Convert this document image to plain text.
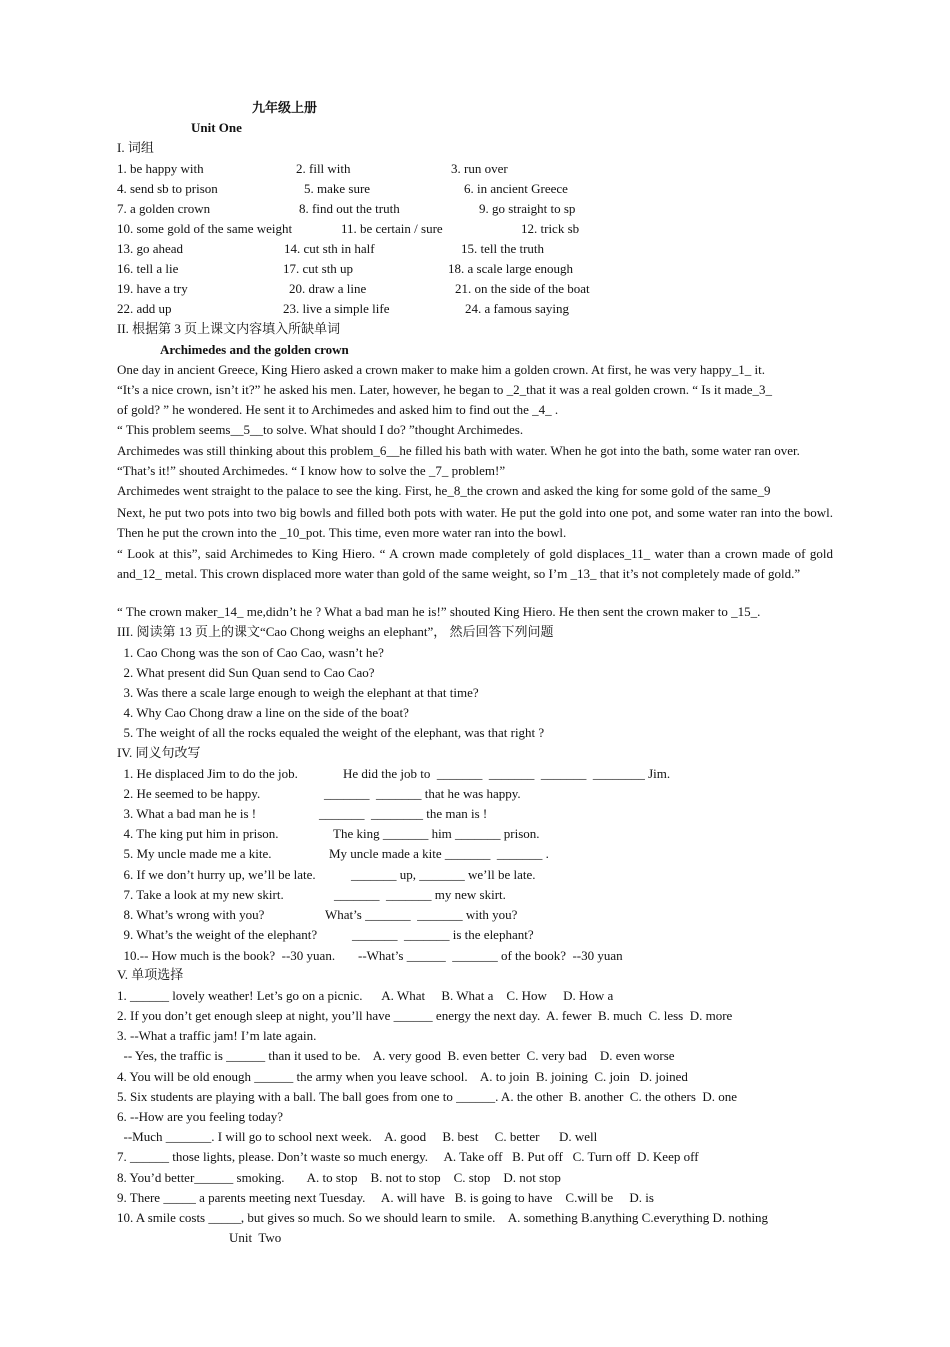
九年级上册
Unit One
I. 词组
1. be happy with	2. fill with	3. run over
4. send sb to prison	5. make sure	6. in ancient Greece
7. a golden crown	8. find out the truth	9. go straight to sp
10. some gold of the same weight	11. be certain / sure	12. trick sb
13. go ahead	14. cut sth in half	15. tell the truth
16. tell a lie	17. cut sth up	18. a scale large enough
19. have a try	20. draw a line	21. on the side of the boat
22. add up	23. live a simple life	24. a famous saying
II. 根据第 3 页上课文内容填入所缺单词
Archimedes and the golden crown
One day in ancient Greece, King Hiero asked a crown maker to make him a golden crown. At first, he was very happy_1_ it.
“It’s a nice crown, isn’t it?” he asked his men. Later, however, he began to _2_that it was a real golden crown. “ Is it made_3_
of gold? ” he wondered. He sent it to Archimedes and asked him to find out the _4_ .
“ This problem seems__5__to solve. What should I do? ”thought Archimedes.
Archimedes was still thinking about this problem_6__he filled his bath with water. When he got into the bath, some water ran over.
“That’s it!” shouted Archimedes. “ I know how to solve the _7_ problem!”
Archimedes went straight to the palace to see the king. First, he_8_the crown and asked the king for some gold of the same_9
Next, he put two pots into two big bowls and filled both pots with water. He put the gold into one pot, and some water ran into the bowl. Then he put the crown into the _10_pot. This time, even more water ran into the bowl.
“ Look at this”, said Archimedes to King Hiero. “ A crown made completely of gold displaces_11_ water than a crown made of gold and_12_ metal. This crown displaced more water than gold of the same weight, so I’m _13_ that it’s not completely made of gold.”
“ The crown maker_14_ me,didn’t he ? What a bad man he is!” shouted King Hiero. He then sent the crown maker to _15_.
III. 阅读第 13 页上的课文“Cao Chong weighs an elephant”， 然后回答下列问题
1. Cao Chong was the son of Cao Cao, wasn’t he?
2. What present did Sun Quan send to Cao Cao?
3. Was there a scale large enough to weigh the elephant at that time?
4. Why Cao Chong draw a line on the side of the boat?
5. The weight of all the rocks equaled the weight of the elephant, was that right ?
IV. 同义句改写
1. He displaced Jim to do the job.	He did the job to  _______  _______  _______  ________ Jim.
2. He seemed to be happy.	_______  _______ that he was happy.
3. What a bad man he is !	_______  ________ the man is !
4. The king put him in prison.	The king _______ him _______ prison.
5. My uncle made me a kite.	My uncle made a kite _______  _______ .
6. If we don’t hurry up, we’ll be late.	_______ up, _______ we’ll be late.
7. Take a look at my new skirt.	_______  _______ my new skirt.
8. What’s wrong with you?	What’s _______  _______ with you?
9. What’s the weight of the elephant?	_______  _______ is the elephant?
10.-- How much is the book?  --30 yuan. --What’s ______  _______ of the book?  --30 yuan
V. 单项选择
1. ______ lovely weather! Let’s go on a picnic.      A. What     B. What a    C. How     D. How a
2. If you don’t get enough sleep at night, you’ll have ______ energy the next day.  A. fewer  B. much  C. less  D. more
3. --What a traffic jam! I’m late again.
-- Yes, the traffic is ______ than it used to be.    A. very good  B. even better  C. very bad    D. even worse
4. You will be old enough ______ the army when you leave school.    A. to join  B. joining  C. join   D. joined
5. Six students are playing with a ball. The ball goes from one to ______. A. the other  B. another  C. the others  D. one
6. --How are you feeling today?
--Much _______. I will go to school next week.    A. good     B. best     C. better      D. well
7. ______ those lights, please. Don’t waste so much energy.     A. Take off   B. Put off   C. Turn off  D. Keep off
8. You’d better______ smoking.       A. to stop    B. not to stop    C. stop    D. not stop
9. There _____ a parents meeting next Tuesday.     A. will have   B. is going to have    C.will be     D. is
10. A smile costs _____, but gives so much. So we should learn to smile.    A. something B.anything C.everything D. nothing
Unit  Two
